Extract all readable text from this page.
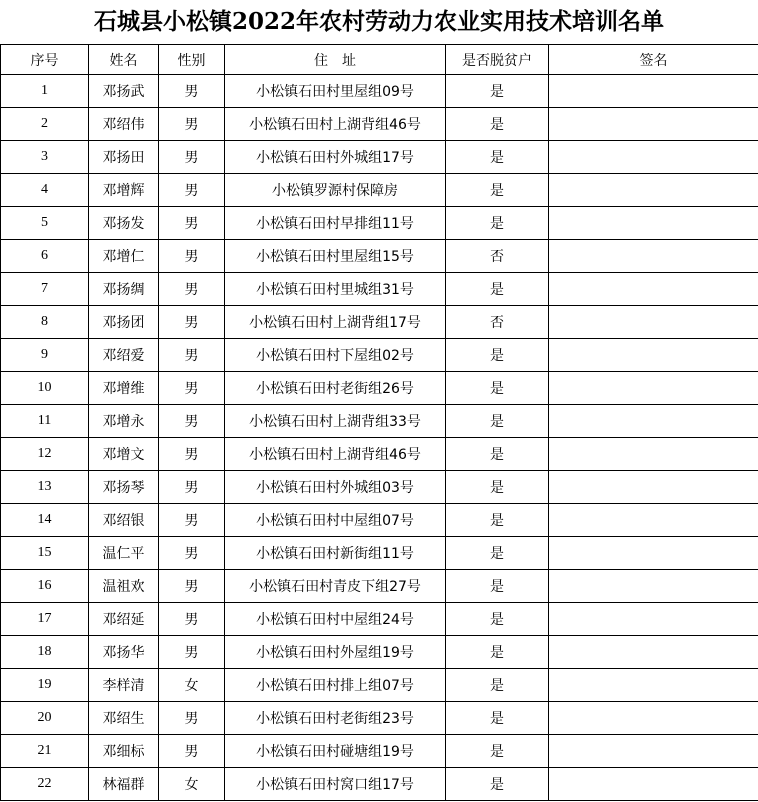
石城县小松镇2022年农村劳动力农业实用技术培训名单
序号	姓名	性别	住　址	是否脱贫户	签名
1	邓扬武	男	小松镇石田村里屋组09号	是	
2	邓绍伟	男	小松镇石田村上湖背组46号	是	
3	邓扬田	男	小松镇石田村外城组17号	是	
4	邓增辉	男	小松镇罗源村保障房	是	
5	邓扬发	男	小松镇石田村早排组11号	是	
6	邓增仁	男	小松镇石田村里屋组15号	否	
7	邓扬绸	男	小松镇石田村里城组31号	是	
8	邓扬团	男	小松镇石田村上湖背组17号	否	
9	邓绍爱	男	小松镇石田村下屋组02号	是	
10	邓增维	男	小松镇石田村老街组26号	是	
11	邓增永	男	小松镇石田村上湖背组33号	是	
12	邓增文	男	小松镇石田村上湖背组46号	是	
13	邓扬琴	男	小松镇石田村外城组03号	是	
14	邓绍银	男	小松镇石田村中屋组07号	是	
15	温仁平	男	小松镇石田村新街组11号	是	
16	温祖欢	男	小松镇石田村青皮下组27号	是	
17	邓绍延	男	小松镇石田村中屋组24号	是	
18	邓扬华	男	小松镇石田村外屋组19号	是	
19	李样清	女	小松镇石田村排上组07号	是	
20	邓绍生	男	小松镇石田村老街组23号	是	
21	邓细标	男	小松镇石田村碰塘组19号	是	
22	林福群	女	小松镇石田村窝口组17号	是	
